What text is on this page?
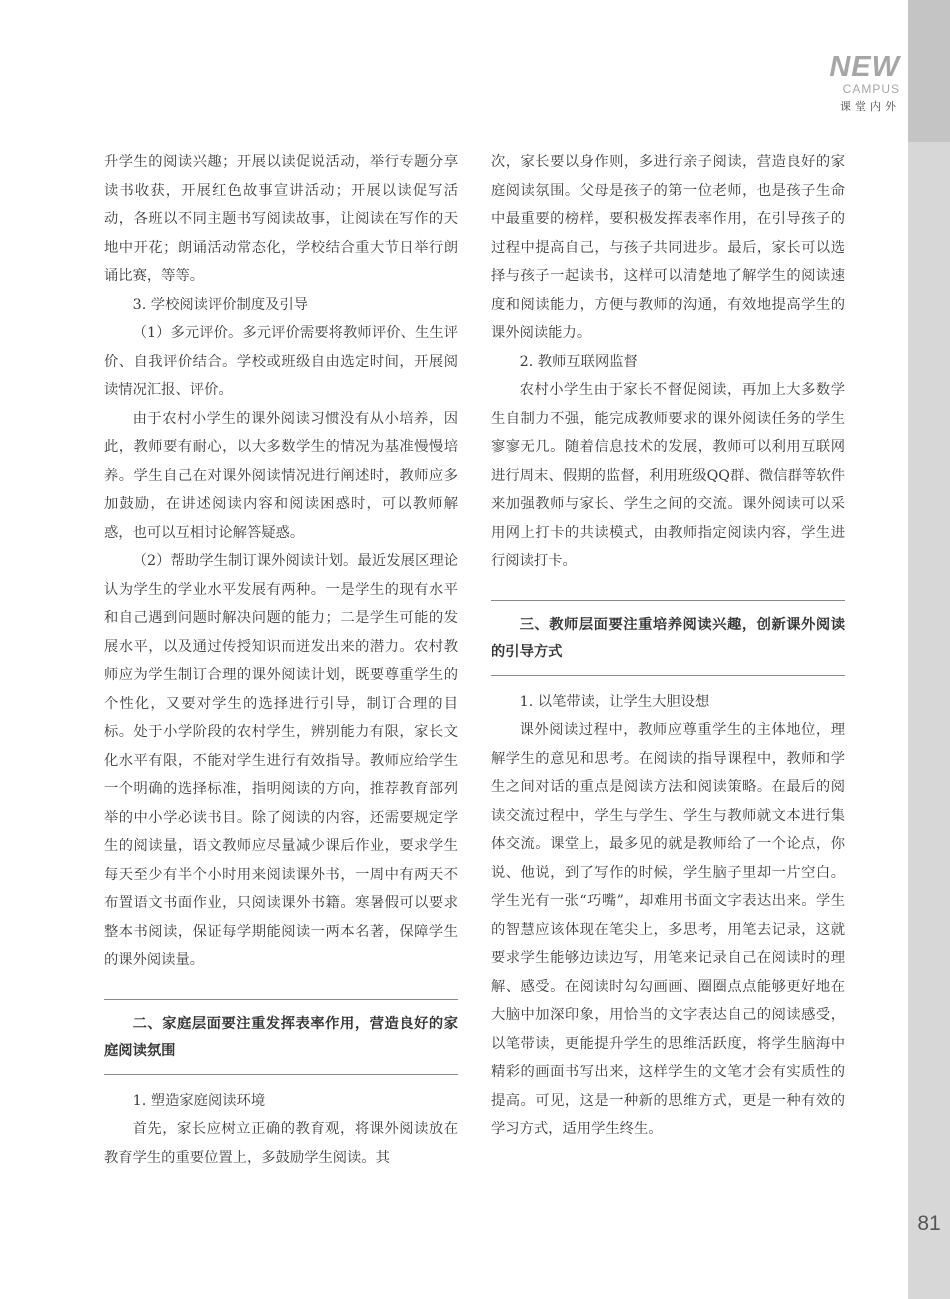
NEW
CAMPUS
课堂内外

升学生的阅读兴趣；开展以读促说活动，举行专题分享读书收获，开展红色故事宣讲活动；开展以读促写活动，各班以不同主题书写阅读故事，让阅读在写作的天地中开花；朗诵活动常态化，学校结合重大节日举行朗诵比赛，等等。

3. 学校阅读评价制度及引导

（1）多元评价。多元评价需要将教师评价、生生评价、自我评价结合。学校或班级自由选定时间，开展阅读情况汇报、评价。

由于农村小学生的课外阅读习惯没有从小培养，因此，教师要有耐心，以大多数学生的情况为基准慢慢培养。学生自己在对课外阅读情况进行阐述时，教师应多加鼓励，在讲述阅读内容和阅读困惑时，可以教师解惑，也可以互相讨论解答疑惑。

（2）帮助学生制订课外阅读计划。最近发展区理论认为学生的学业水平发展有两种。一是学生的现有水平和自己遇到问题时解决问题的能力；二是学生可能的发展水平，以及通过传授知识而迸发出来的潜力。农村教师应为学生制订合理的课外阅读计划，既要尊重学生的个性化，又要对学生的选择进行引导，制订合理的目标。处于小学阶段的农村学生，辨别能力有限，家长文化水平有限，不能对学生进行有效指导。教师应给学生一个明确的选择标准，指明阅读的方向，推荐教育部列举的中小学必读书目。除了阅读的内容，还需要规定学生的阅读量，语文教师应尽量减少课后作业，要求学生每天至少有半个小时用来阅读课外书，一周中有两天不布置语文书面作业，只阅读课外书籍。寒暑假可以要求整本书阅读，保证每学期能阅读一两本名著，保障学生的课外阅读量。

二、家庭层面要注重发挥表率作用，营造良好的家庭阅读氛围

1. 塑造家庭阅读环境

首先，家长应树立正确的教育观，将课外阅读放在教育学生的重要位置上，多鼓励学生阅读。其

次，家长要以身作则，多进行亲子阅读，营造良好的家庭阅读氛围。父母是孩子的第一位老师，也是孩子生命中最重要的榜样，要积极发挥表率作用，在引导孩子的过程中提高自己，与孩子共同进步。最后，家长可以选择与孩子一起读书，这样可以清楚地了解学生的阅读速度和阅读能力，方便与教师的沟通，有效地提高学生的课外阅读能力。

2. 教师互联网监督

农村小学生由于家长不督促阅读，再加上大多数学生自制力不强，能完成教师要求的课外阅读任务的学生寥寥无几。随着信息技术的发展，教师可以利用互联网进行周末、假期的监督，利用班级QQ群、微信群等软件来加强教师与家长、学生之间的交流。课外阅读可以采用网上打卡的共读模式，由教师指定阅读内容，学生进行阅读打卡。

三、教师层面要注重培养阅读兴趣，创新课外阅读的引导方式

1. 以笔带读，让学生大胆设想

课外阅读过程中，教师应尊重学生的主体地位，理解学生的意见和思考。在阅读的指导课程中，教师和学生之间对话的重点是阅读方法和阅读策略。在最后的阅读交流过程中，学生与学生、学生与教师就文本进行集体交流。课堂上，最多见的就是教师给了一个论点，你说、他说，到了写作的时候，学生脑子里却一片空白。学生光有一张“巧嘴”，却难用书面文字表达出来。学生的智慧应该体现在笔尖上，多思考，用笔去记录，这就要求学生能够边读边写，用笔来记录自己在阅读时的理解、感受。在阅读时勾勾画画、圈圈点点能够更好地在大脑中加深印象，用恰当的文字表达自己的阅读感受，以笔带读，更能提升学生的思维活跃度，将学生脑海中精彩的画面书写出来，这样学生的文笔才会有实质性的提高。可见，这是一种新的思维方式，更是一种有效的学习方式，适用学生终生。

81
